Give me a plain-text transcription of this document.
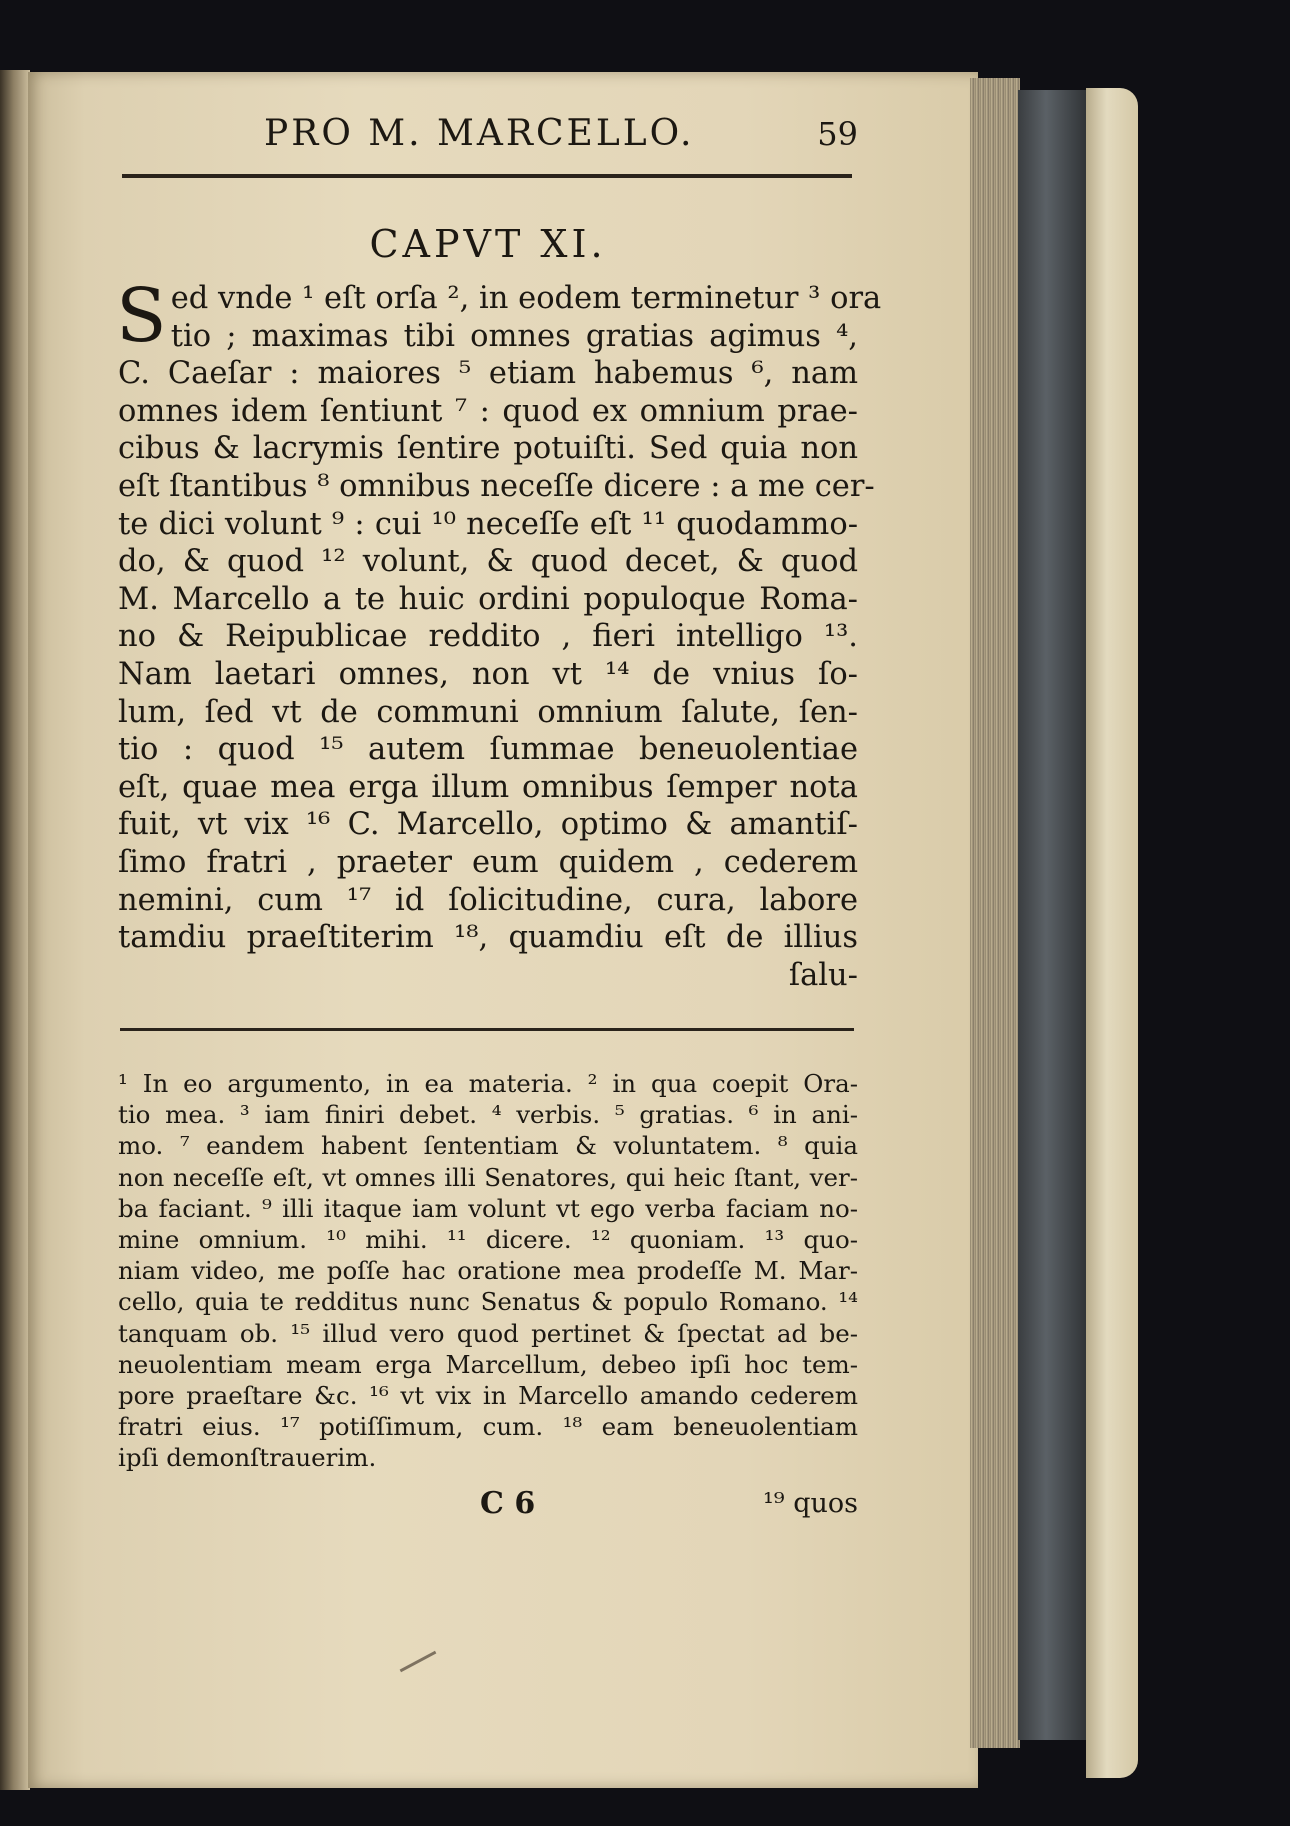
PRO M. MARCELLO.	59
CAPVT XI.
S ed vnde ¹ eſt orſa ², in eodem terminetur ³ ora
tio ; maximas tibi omnes gratias agimus ⁴,
C. Caeſar : maiores ⁵ etiam habemus ⁶, nam
omnes idem ſentiunt ⁷ : quod ex omnium prae-
cibus & lacrymis ſentire potuiſti. Sed quia non
eſt ſtantibus ⁸ omnibus neceſſe dicere : a me cer-
te dici volunt ⁹ : cui ¹⁰ neceſſe eſt ¹¹ quodammo-
do, & quod ¹² volunt, & quod decet, & quod
M. Marcello a te huic ordini populoque Roma-
no & Reipublicae reddito , fieri intelligo ¹³.
Nam laetari omnes, non vt ¹⁴ de vnius ſo-
lum, ſed vt de communi omnium ſalute, ſen-
tio : quod ¹⁵ autem ſummae beneuolentiae
eſt, quae mea erga illum omnibus ſemper nota
fuit, vt vix ¹⁶ C. Marcello, optimo & amantiſ-
ſimo fratri , praeter eum quidem , cederem
nemini, cum ¹⁷ id ſolicitudine, cura, labore
tamdiu praeſtiterim ¹⁸, quamdiu eſt de illius
ſalu-
¹ In eo argumento, in ea materia. ² in qua coepit Ora-
tio mea. ³ iam finiri debet. ⁴ verbis. ⁵ gratias. ⁶ in ani-
mo. ⁷ eandem habent ſententiam & voluntatem. ⁸ quia
non neceſſe eſt, vt omnes illi Senatores, qui heic ſtant, ver-
ba faciant. ⁹ illi itaque iam volunt vt ego verba faciam no-
mine omnium. ¹⁰ mihi. ¹¹ dicere. ¹² quoniam. ¹³ quo-
niam video, me poſſe hac oratione mea prodeſſe M. Mar-
cello, quia te redditus nunc Senatus & populo Romano. ¹⁴
tanquam ob. ¹⁵ illud vero quod pertinet & ſpectat ad be-
neuolentiam meam erga Marcellum, debeo ipſi hoc tem-
pore praeſtare &c. ¹⁶ vt vix in Marcello amando cederem
fratri eius. ¹⁷ potiſſimum, cum. ¹⁸ eam beneuolentiam
ipſi demonſtrauerim.
C 6	¹⁹ quos
